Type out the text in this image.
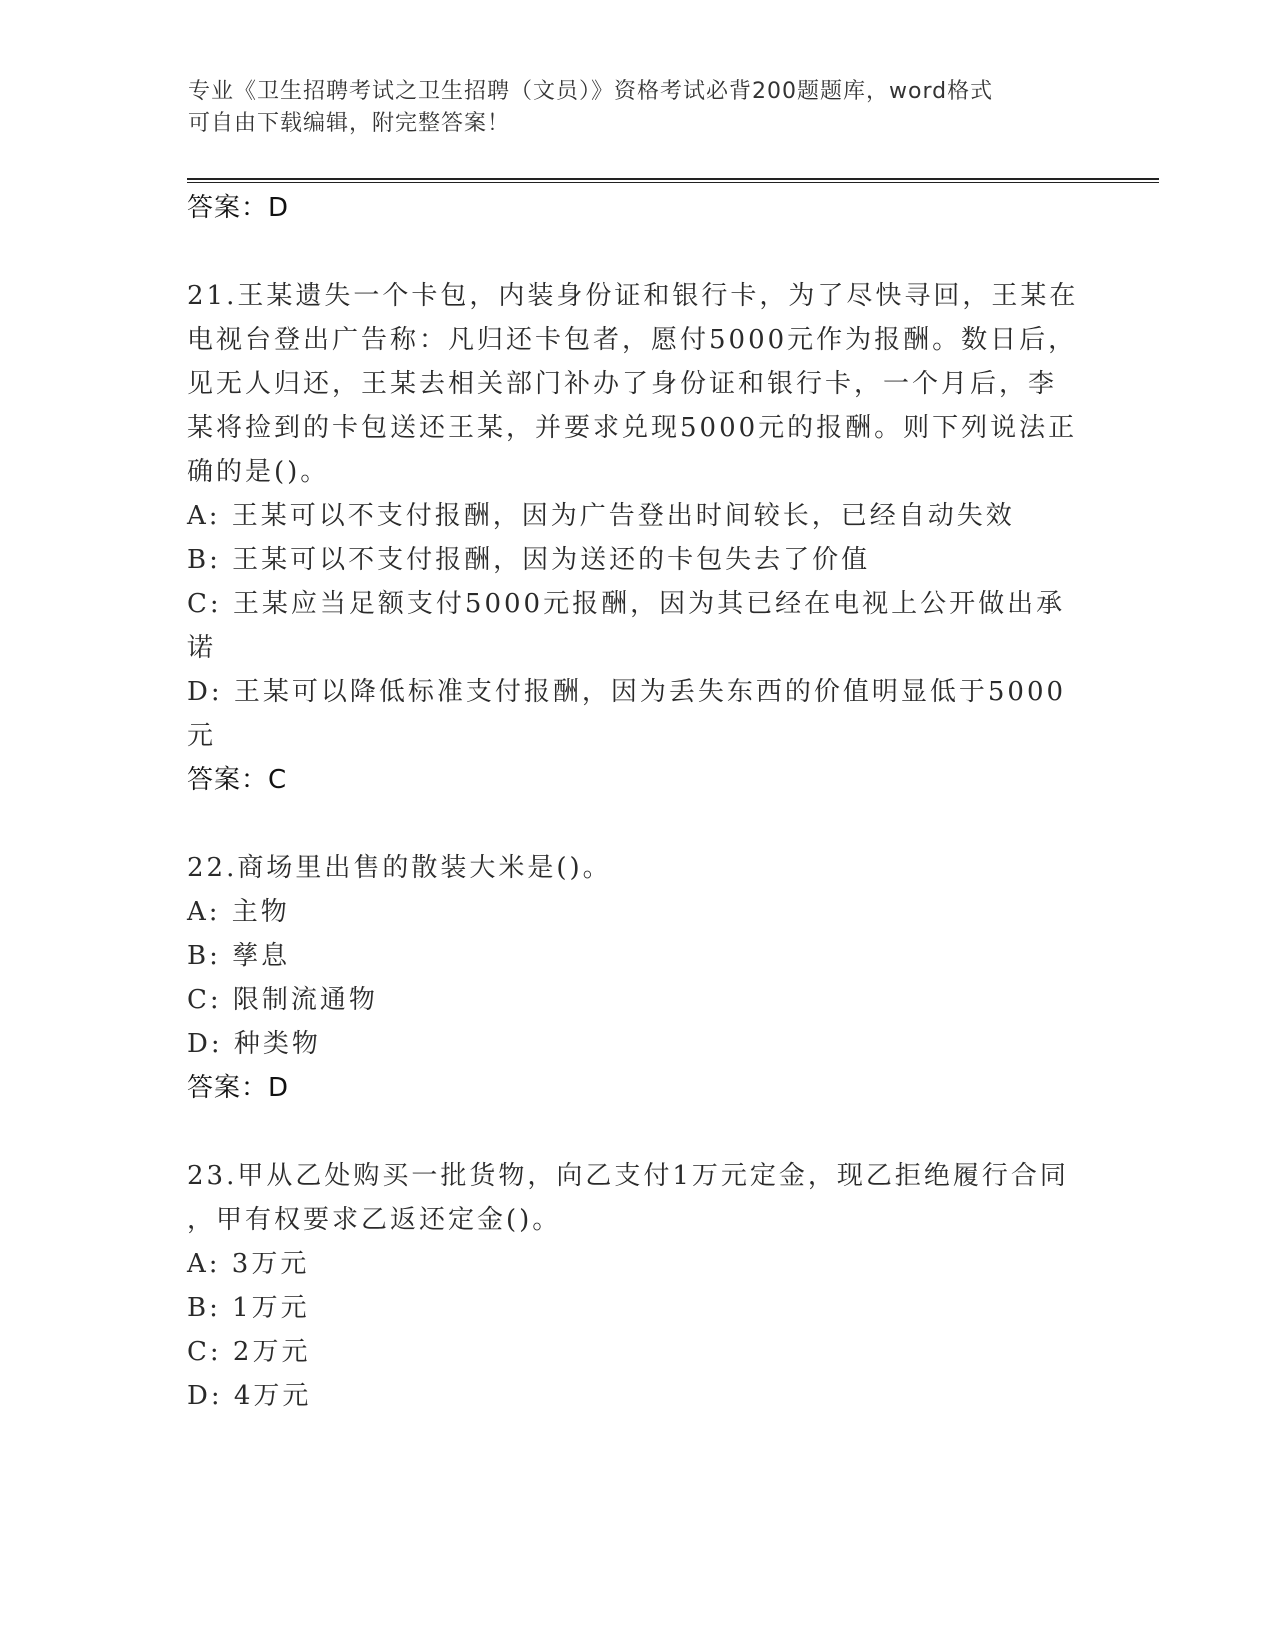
专业《卫生招聘考试之卫生招聘（文员）》资格考试必背200题题库，word格式
可自由下载编辑，附完整答案！
答案：D
21.王某遗失一个卡包，内装身份证和银行卡，为了尽快寻回，王某在
电视台登出广告称：凡归还卡包者，愿付5000元作为报酬。数日后，
见无人归还，王某去相关部门补办了身份证和银行卡，一个月后，李
某将捡到的卡包送还王某，并要求兑现5000元的报酬。则下列说法正
确的是()。
A: 王某可以不支付报酬，因为广告登出时间较长，已经自动失效
B: 王某可以不支付报酬，因为送还的卡包失去了价值
C: 王某应当足额支付5000元报酬，因为其已经在电视上公开做出承
诺
D: 王某可以降低标准支付报酬，因为丢失东西的价值明显低于5000
元
答案：C
22.商场里出售的散装大米是()。
A: 主物
B: 孳息
C: 限制流通物
D: 种类物
答案：D
23.甲从乙处购买一批货物，向乙支付1万元定金，现乙拒绝履行合同
，甲有权要求乙返还定金()。
A: 3万元
B: 1万元
C: 2万元
D: 4万元
